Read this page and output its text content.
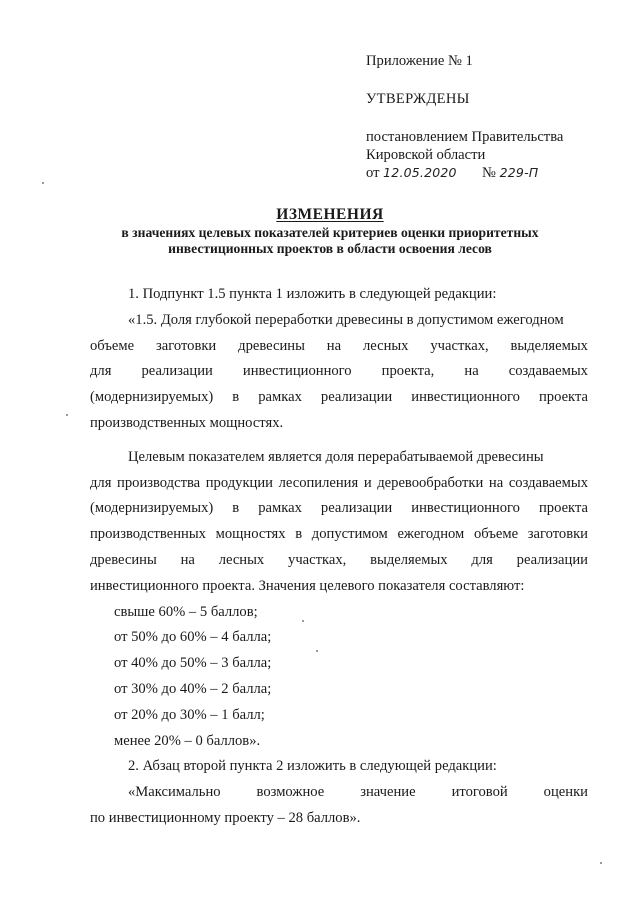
Приложение № 1

УТВЕРЖДЕНЫ

постановлением Правительства

Кировской области

от 12.05.2020 № 229-П

ИЗМЕНЕНИЯ

в значениях целевых показателей критериев оценки приоритетных

инвестиционных проектов в области освоения лесов

1. Подпункт 1.5 пункта 1 изложить в следующей редакции:

«1.5. Доля глубокой переработки древесины в допустимом ежегодном

объеме заготовки древесины на лесных участках, выделяемых
для реализации инвестиционного проекта, на создаваемых
(модернизируемых) в рамках реализации инвестиционного проекта

производственных мощностях.

Целевым показателем является доля перерабатываемой древесины

для производства продукции лесопиления и деревообработки на создаваемых

(модернизируемых) в рамках реализации инвестиционного проекта

производственных мощностях в допустимом ежегодном объеме заготовки

древесины на лесных участках, выделяемых для реализации

инвестиционного проекта. Значения целевого показателя составляют:

свыше 60% – 5 баллов;

от 50% до 60% – 4 балла;

от 40% до 50% – 3 балла;

от 30% до 40% – 2 балла;

от 20% до 30% – 1 балл;

менее 20% – 0 баллов».

2. Абзац второй пункта 2 изложить в следующей редакции:

«Максимально возможное значение итоговой оценки

по инвестиционному проекту – 28 баллов».
